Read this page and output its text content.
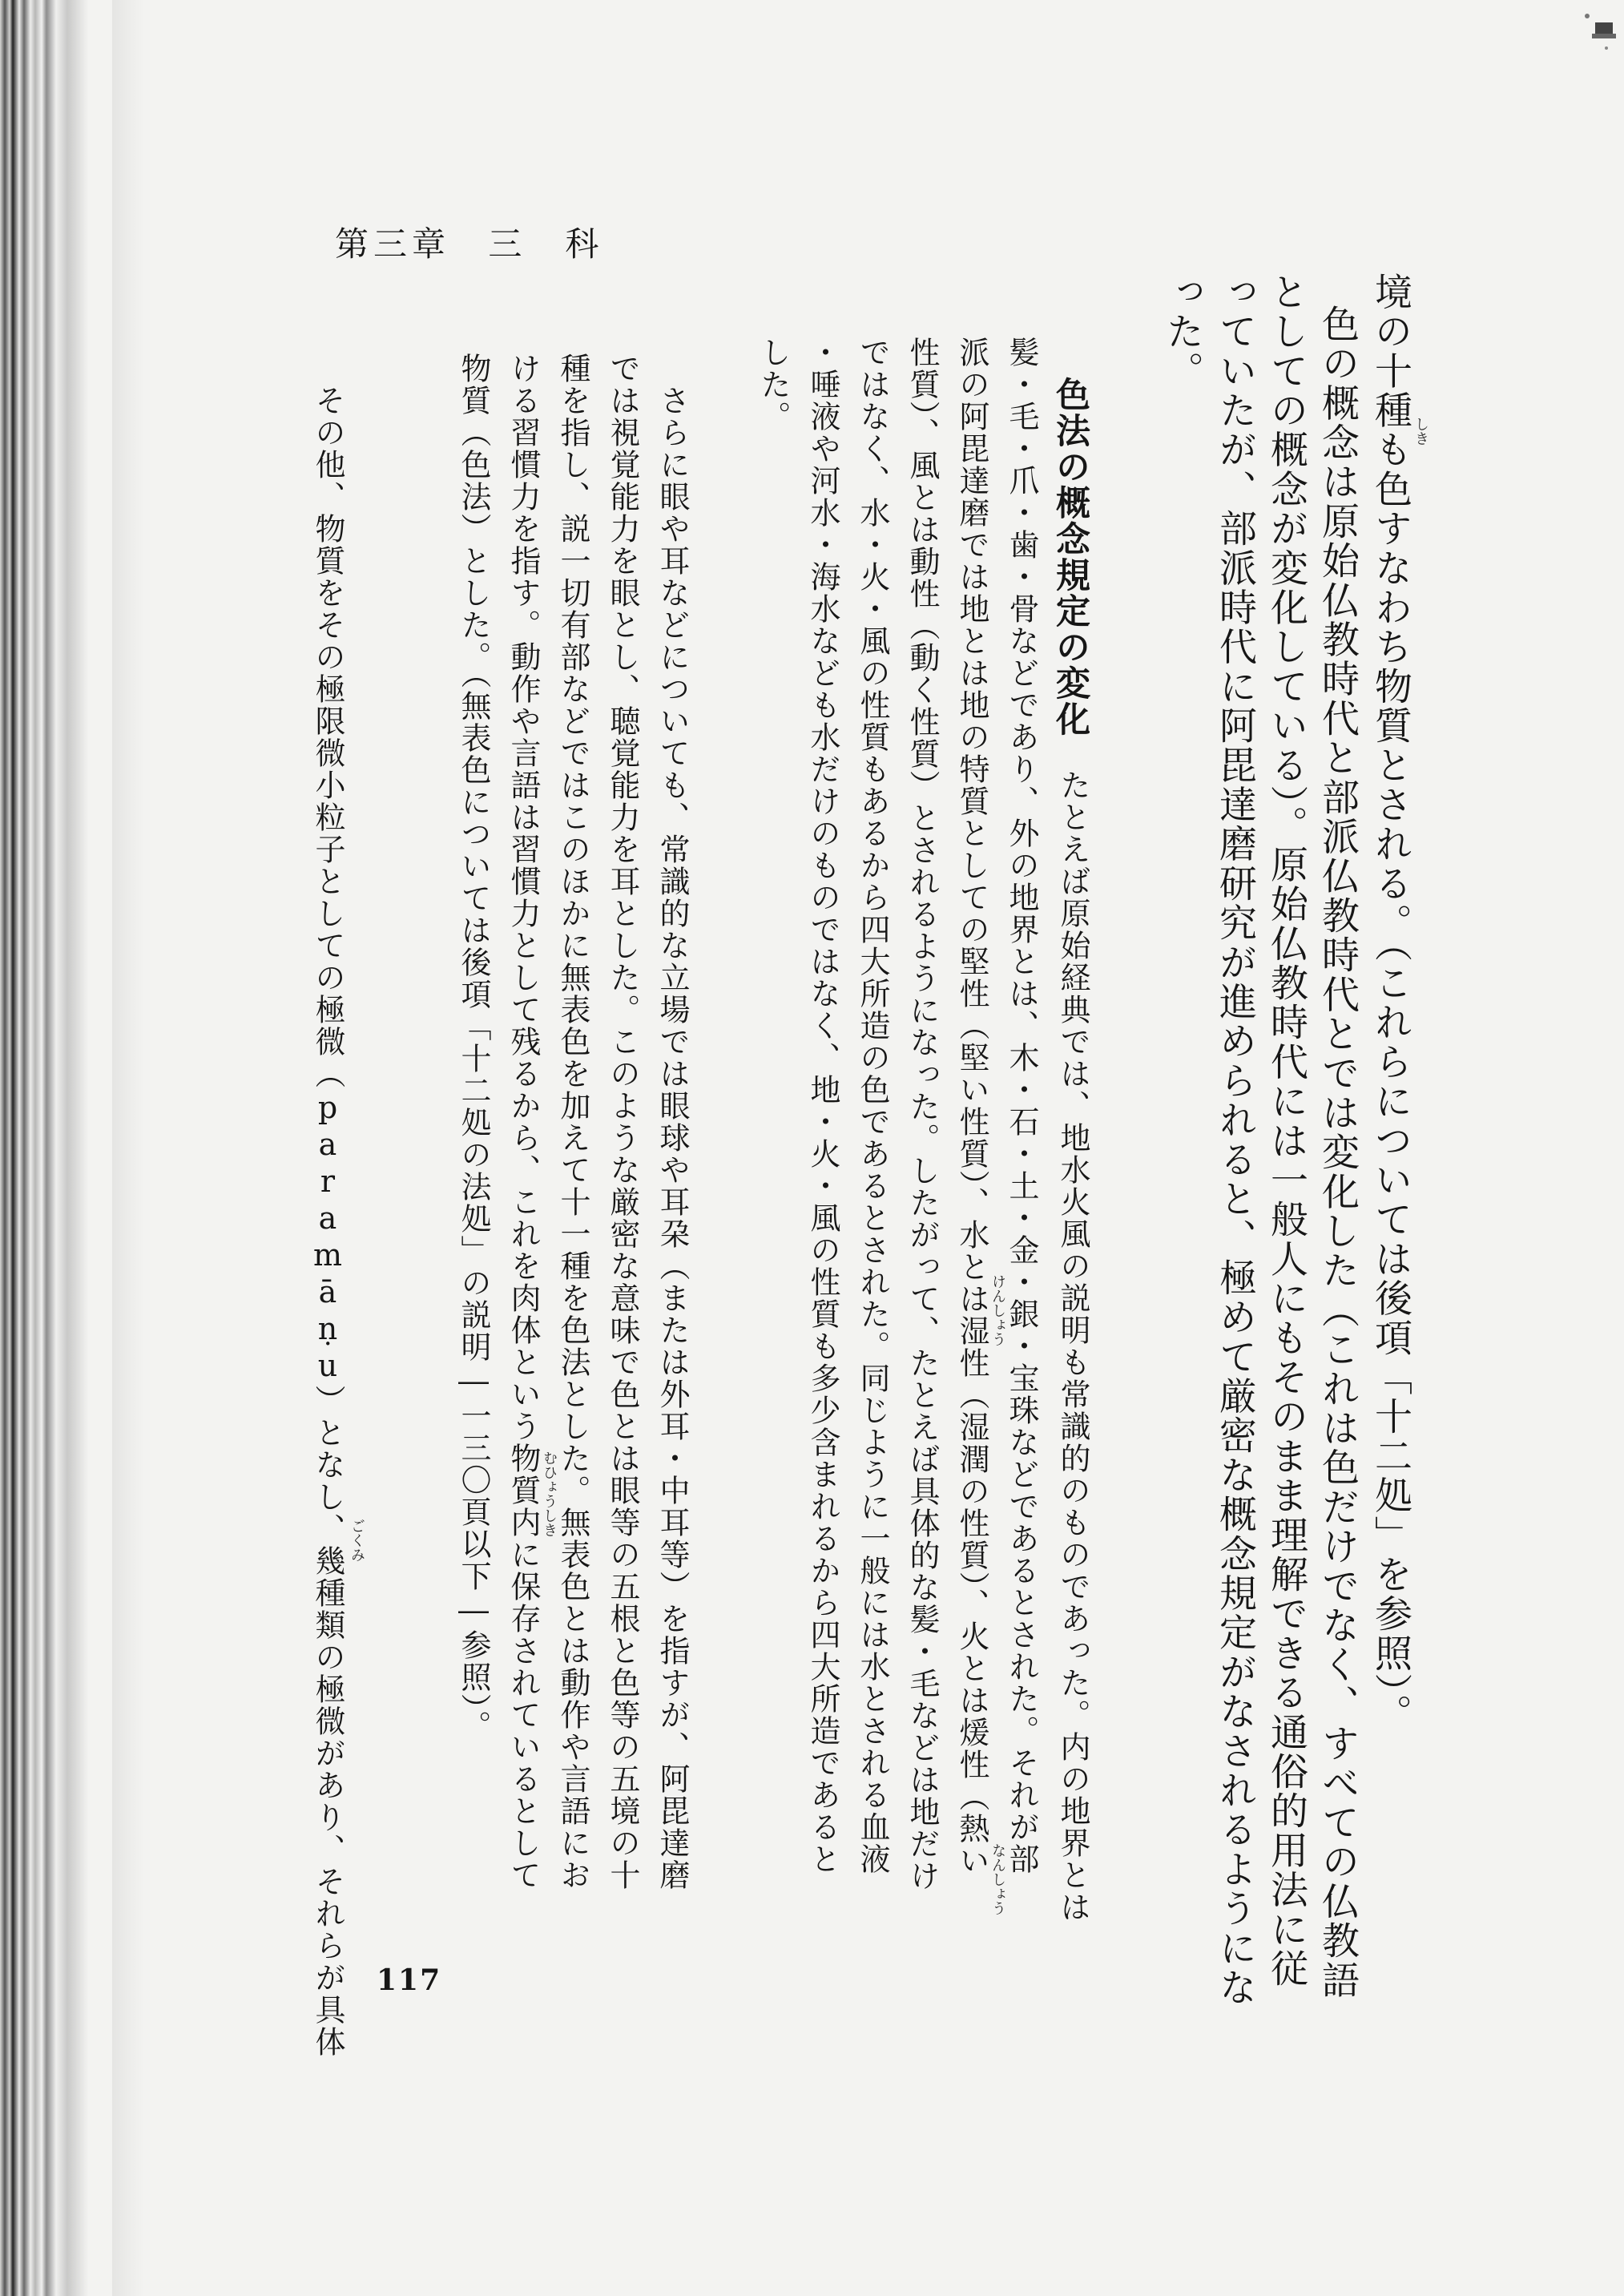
第三章 三　科
境の十種も色すなわち物質とされる。（これらについては後項「十二処」を参照）。
色の概念は原始仏教時代と部派仏教時代とでは変化した（これは色だけでなく、すべての仏教語
としての概念が変化している）。原始仏教時代には一般人にもそのまま理解できる通俗的用法に従
っていたが、部派時代に阿毘達磨研究が進められると、極めて厳密な概念規定がなされるようにな
った。
色法の概念規定の変化
たとえば原始経典では、地水火風の説明も常識的のものであった。内の地界とは
髪・毛・爪・歯・骨などであり、外の地界とは、木・石・土・金・銀・宝珠などであるとされた。それが部
派の阿毘達磨では地とは地の特質としての堅性（堅い性質）、水とは湿性（湿潤の性質）、火とは煖性（熱い
性質）、風とは動性（動く性質）とされるようになった。したがって、たとえば具体的な髪・毛などは地だけ
ではなく、水・火・風の性質もあるから四大所造の色であるとされた。同じように一般には水とされる血液
・唾液や河水・海水なども水だけのものではなく、地・火・風の性質も多少含まれるから四大所造であると
した。
さらに眼や耳などについても、常識的な立場では眼球や耳朶（または外耳・中耳等）を指すが、阿毘達磨
では視覚能力を眼とし、聴覚能力を耳とした。このような厳密な意味で色とは眼等の五根と色等の五境の十
種を指し、説一切有部などではこのほかに無表色を加えて十一種を色法とした。無表色とは動作や言語にお
ける習慣力を指す。動作や言語は習慣力として残るから、これを肉体という物質内に保存されているとして
物質（色法）とした。（無表色については後項「十二処の法処」の説明―一三〇頁以下―参照）。
その他、物質をその極限微小粒子としての極微（paramāṇu）となし、幾種類の極微があり、それらが具体	しき
けんしょう
なんしょう
むひょうしき
ごくみ
117
